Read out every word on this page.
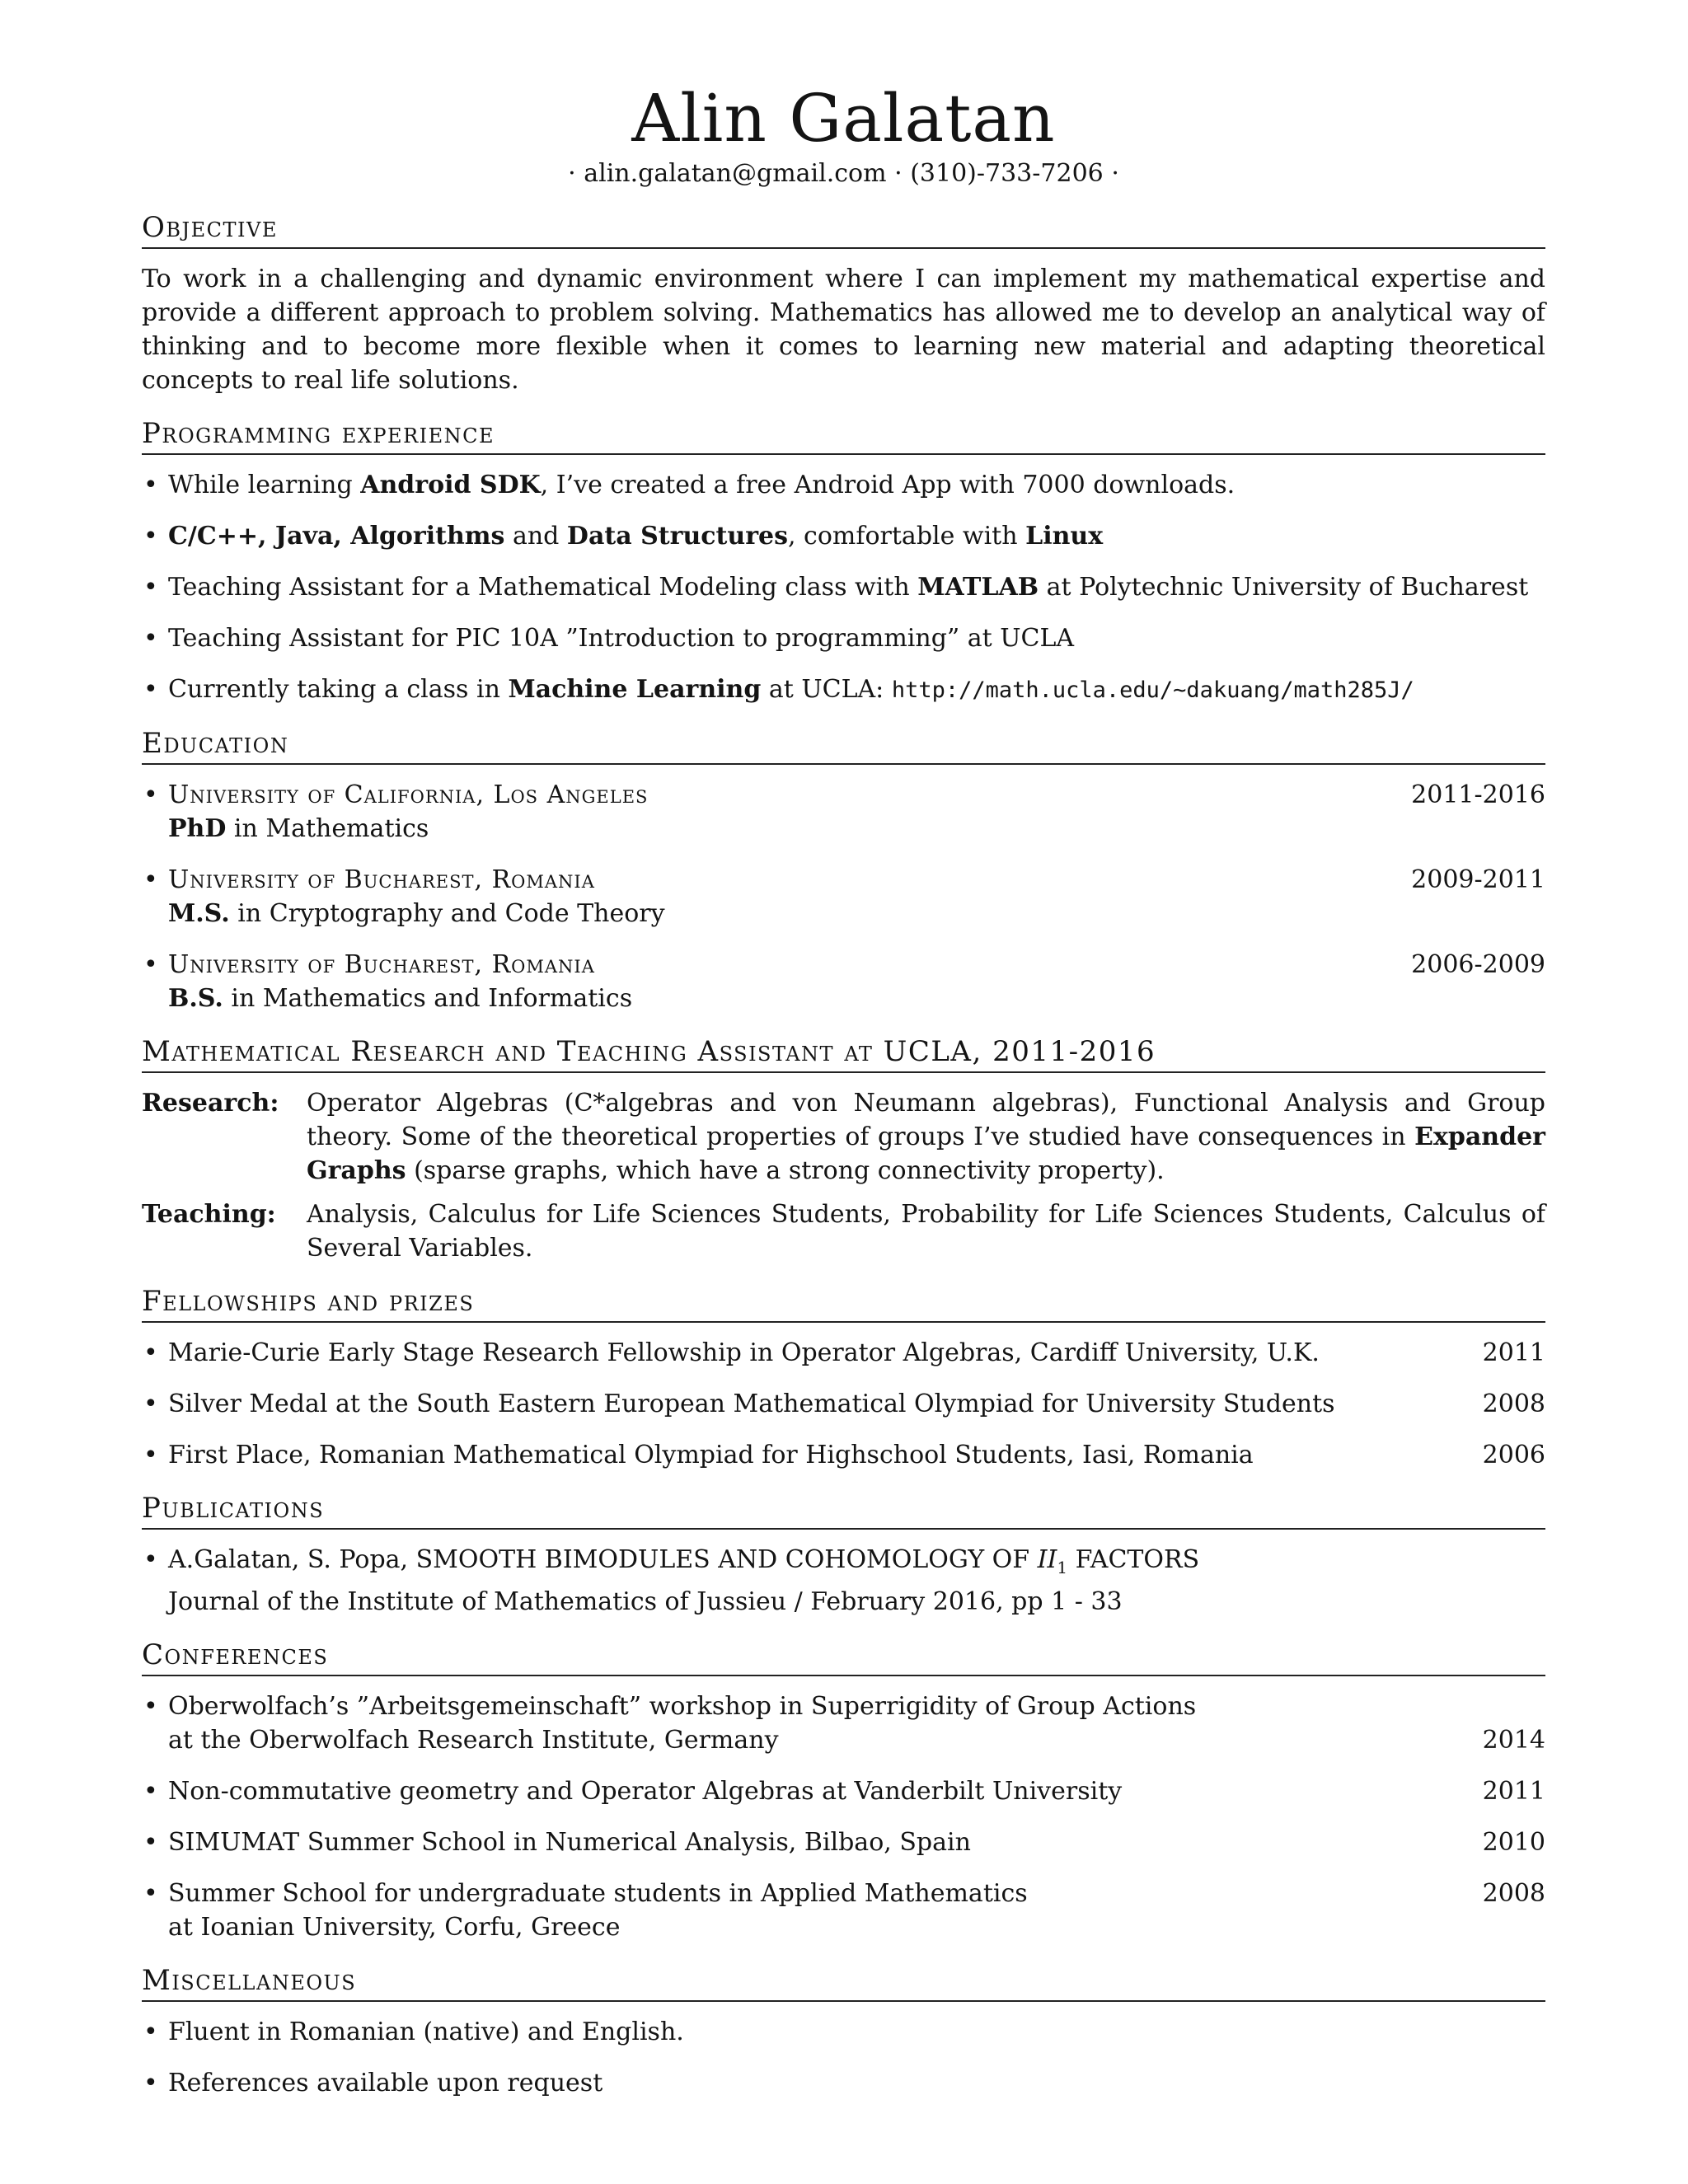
Alin Galatan
· alin.galatan@gmail.com · (310)-733-7206 ·
Objective

To work in a challenging and dynamic environment where I can implement my mathematical expertise and provide a different approach to problem solving. Mathematics has allowed me to develop an analytical way of thinking and to become more flexible when it comes to learning new material and adapting theoretical concepts to real life solutions.

Programming experience
• While learning Android SDK, I’ve created a free Android App with 7000 downloads.
• C/C++, Java, Algorithms and Data Structures, comfortable with Linux
• Teaching Assistant for a Mathematical Modeling class with MATLAB at Polytechnic University of Bucharest
• Teaching Assistant for PIC 10A ”Introduction to programming” at UCLA
• Currently taking a class in Machine Learning at UCLA: http://math.ucla.edu/~dakuang/math285J/
Education
• 2011-2016
University of California, Los Angeles
PhD in Mathematics
• 2009-2011
University of Bucharest, Romania
M.S. in Cryptography and Code Theory
• 2006-2009
University of Bucharest, Romania
B.S. in Mathematics and Informatics
Mathematical Research and Teaching Assistant at UCLA, 2011-2016
Research:	Operator Algebras (C*algebras and von Neumann algebras), Functional Analysis and Group theory. Some of the theoretical properties of groups I’ve studied have consequences in Expander Graphs (sparse graphs, which have a strong connectivity property).
Teaching:	Analysis, Calculus for Life Sciences Students, Probability for Life Sciences Students, Calculus of Several Variables.
Fellowships and prizes
• 2011
Marie-Curie Early Stage Research Fellowship in Operator Algebras, Cardiff University, U.K.
• 2008
Silver Medal at the South Eastern European Mathematical Olympiad for University Students
• 2006
First Place, Romanian Mathematical Olympiad for Highschool Students, Iasi, Romania
Publications
• A.Galatan, S. Popa, SMOOTH BIMODULES AND COHOMOLOGY OF $II_1$ FACTORS
Journal of the Institute of Mathematics of Jussieu / February 2016, pp 1 - 33
Conferences
• Oberwolfach’s ”Arbeitsgemeinschaft” workshop in Superrigidity of Group Actions

2014
at the Oberwolfach Research Institute, Germany
• 2011
Non-commutative geometry and Operator Algebras at Vanderbilt University
• 2010
SIMUMAT Summer School in Numerical Analysis, Bilbao, Spain
• 2008
Summer School for undergraduate students in Applied Mathematics
at Ioanian University, Corfu, Greece
Miscellaneous
• Fluent in Romanian (native) and English.
• References available upon request
